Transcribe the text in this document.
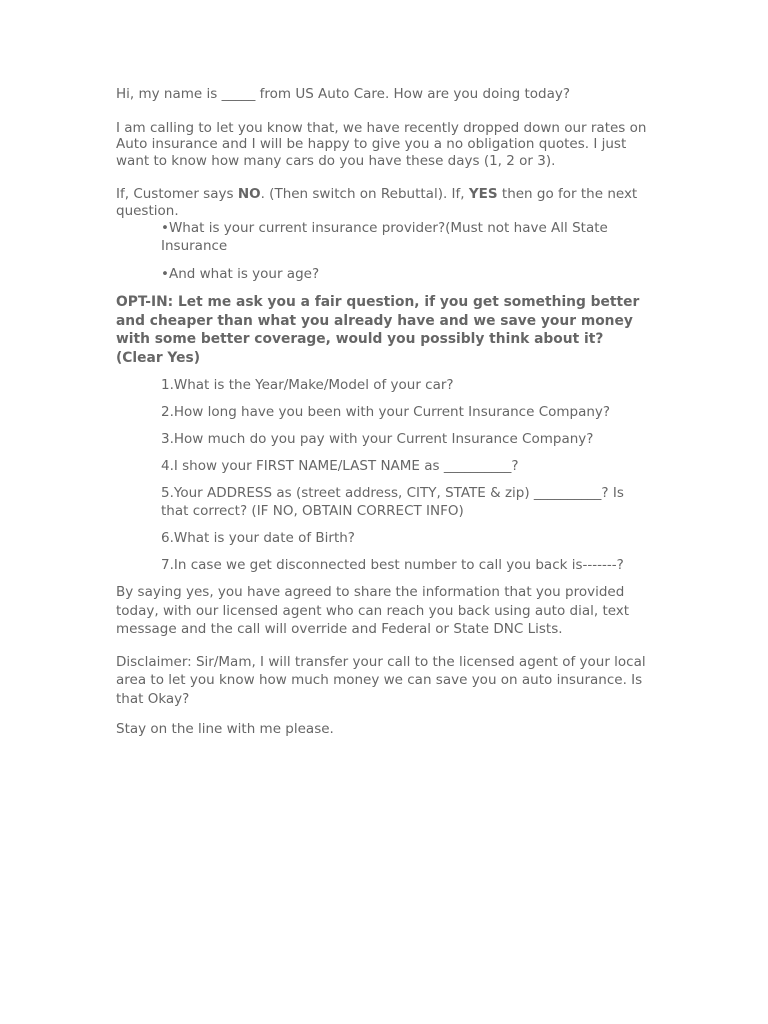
Hi, my name is _____ from US Auto Care. How are you doing today?

I am calling to let you know that, we have recently dropped down our rates on Auto insurance and I will be happy to give you a no obligation quotes. I just want to know how many cars do you have these days (1, 2 or 3).

If, Customer says NO. (Then switch on Rebuttal). If, YES then go for the next question.

•What is your current insurance provider?(Must not have All State Insurance
•And what is your age?

OPT-IN: Let me ask you a fair question, if you get something better and cheaper than what you already have and we save your money with some better coverage, would you possibly think about it? (Clear Yes)

1.What is the Year/Make/Model of your car?
2.How long have you been with your Current Insurance Company?
3.How much do you pay with your Current Insurance Company?
4.I show your FIRST NAME/LAST NAME as __________?
5.Your ADDRESS as (street address, CITY, STATE & zip) __________? Is that correct? (IF NO, OBTAIN CORRECT INFO)
6.What is your date of Birth?
7.In case we get disconnected best number to call you back is-------?

By saying yes, you have agreed to share the information that you provided today, with our licensed agent who can reach you back using auto dial, text message and the call will override and Federal or State DNC Lists.

Disclaimer: Sir/Mam, I will transfer your call to the licensed agent of your local area to let you know how much money we can save you on auto insurance. Is that Okay?

Stay on the line with me please.
